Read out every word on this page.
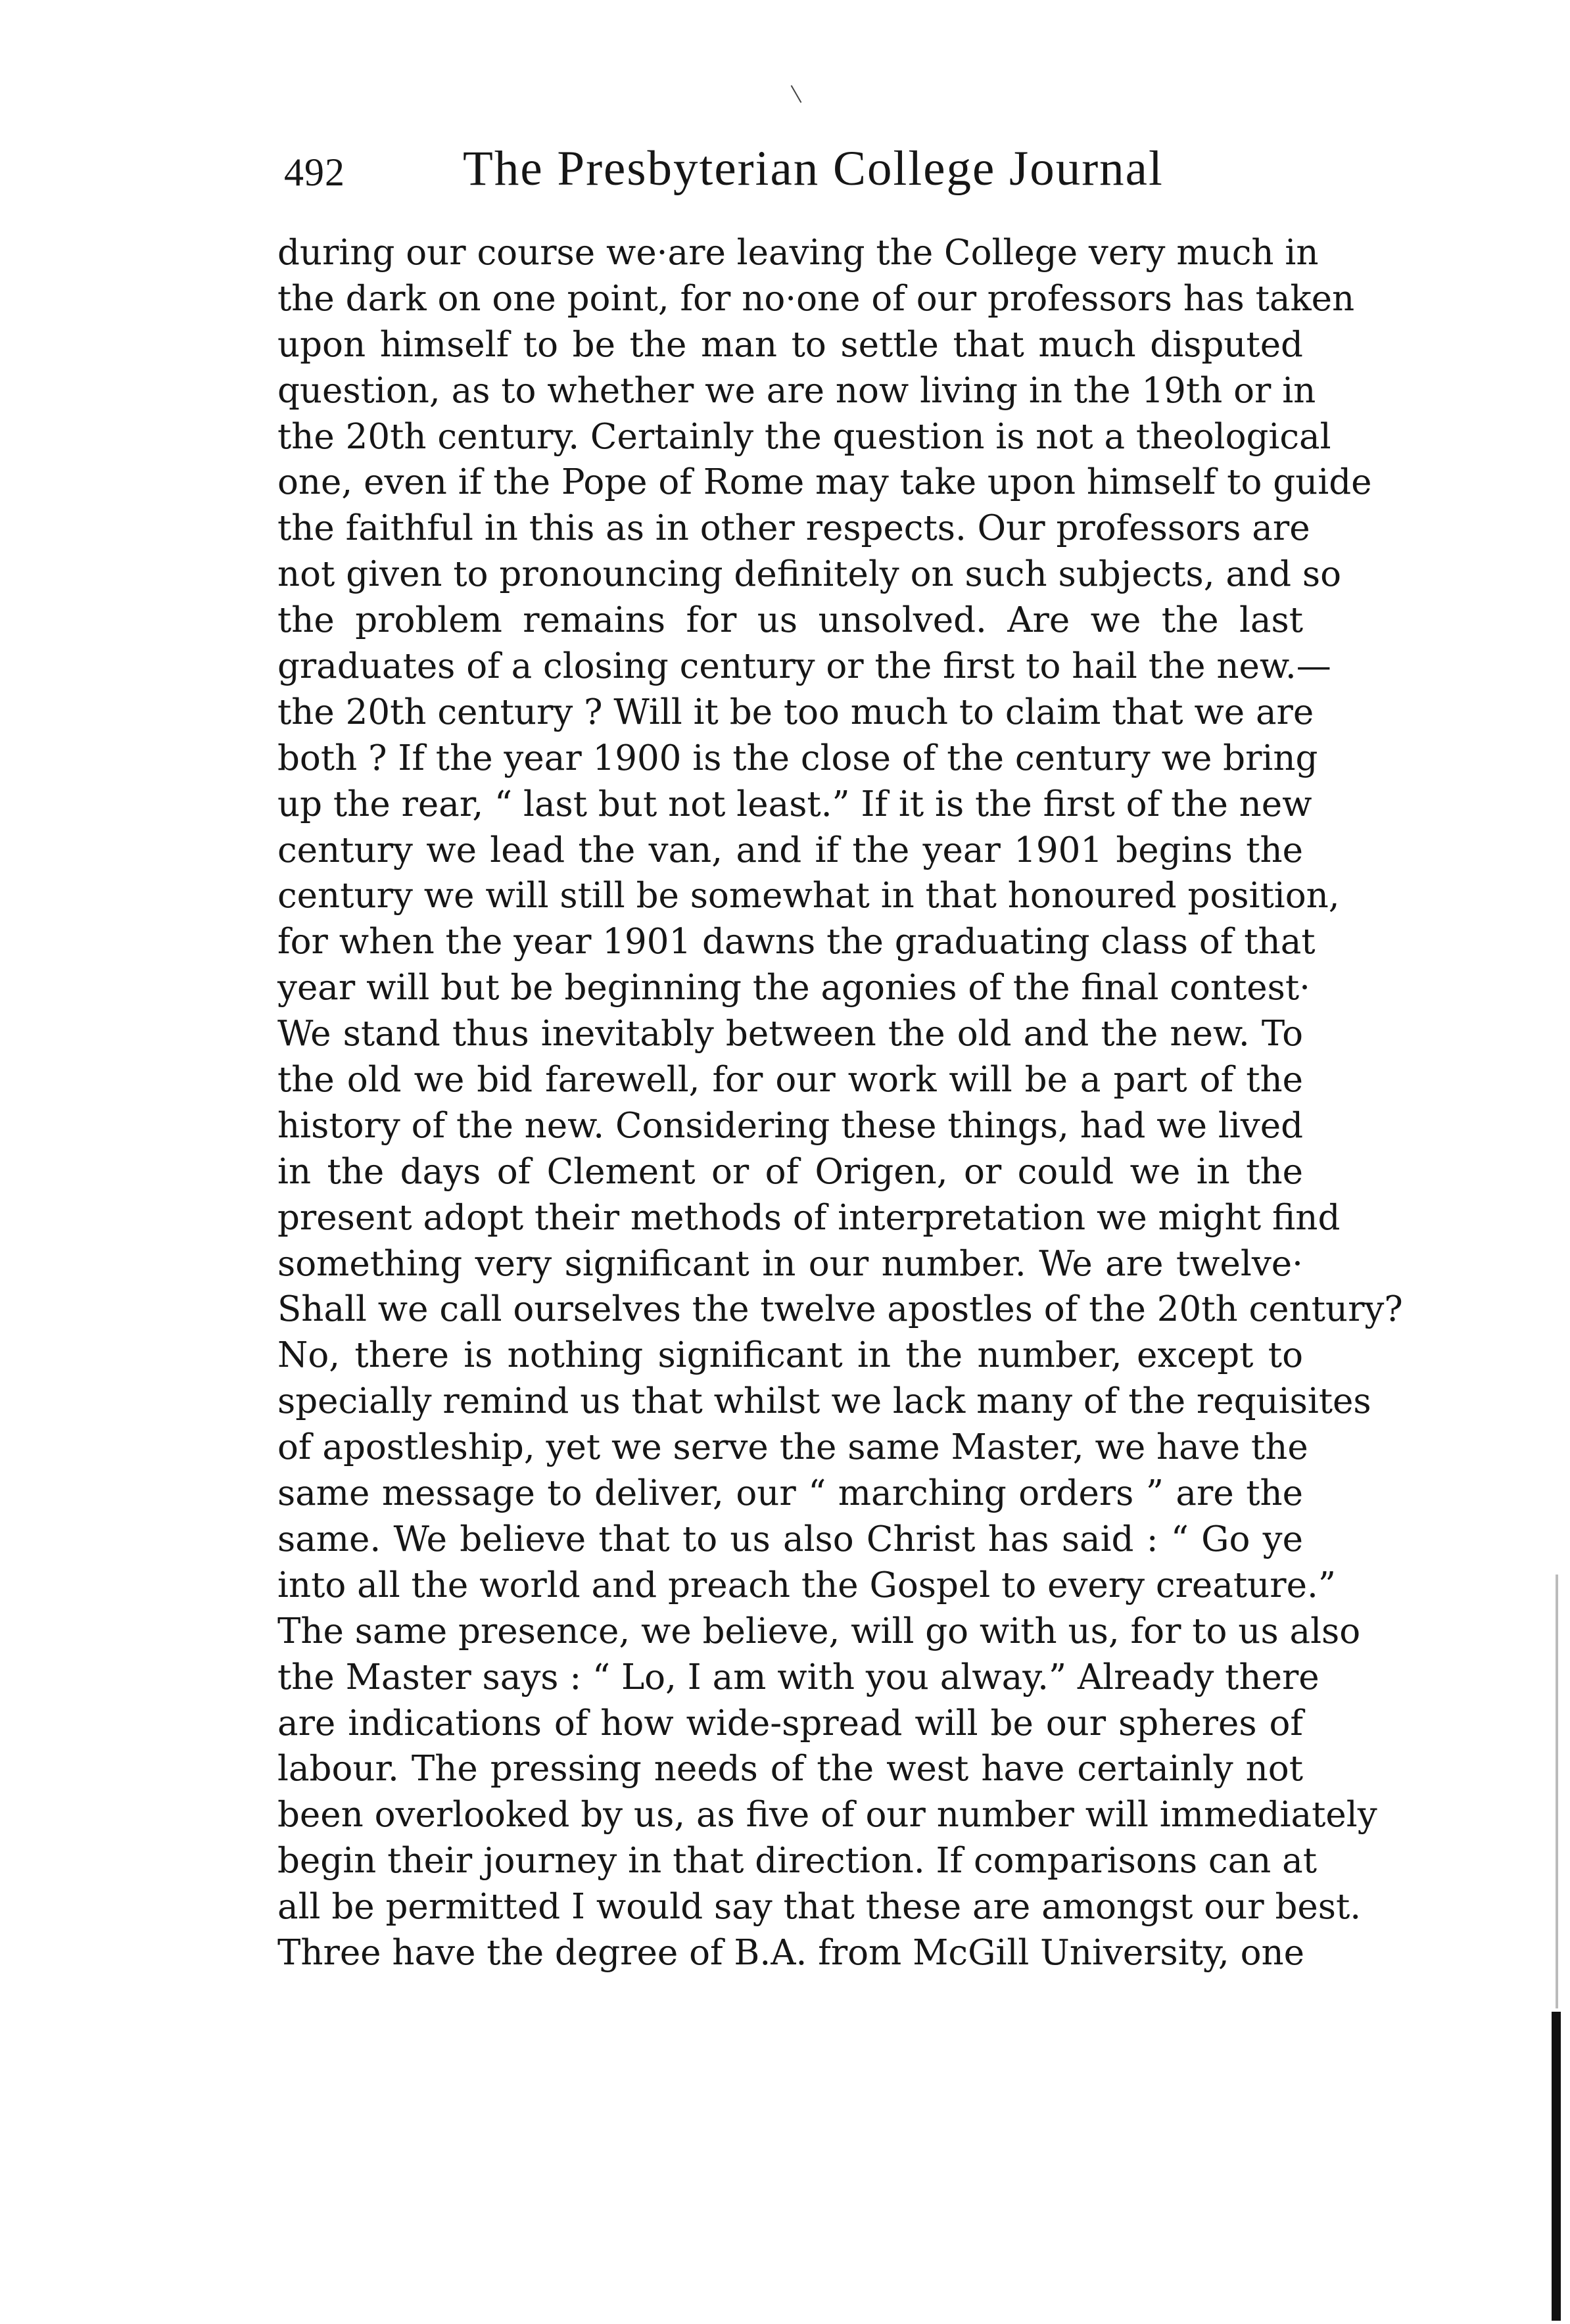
492 The Presbyterian College Journal
during our course we·are leaving the College very much in
the dark on one point, for no·one of our professors has taken
upon himself to be the man to settle that much disputed
question, as to whether we are now living in the 19th or in
the 20th century. Certainly the question is not a theological
one, even if the Pope of Rome may take upon himself to guide
the faithful in this as in other respects. Our professors are
not given to pronouncing definitely on such subjects, and so
the problem remains for us unsolved. Are we the last
graduates of a closing century or the first to hail the new.—
the 20th century ? Will it be too much to claim that we are
both ? If the year 1900 is the close of the century we bring
up the rear, “ last but not least.” If it is the first of the new
century we lead the van, and if the year 1901 begins the
century we will still be somewhat in that honoured position,
for when the year 1901 dawns the graduating class of that
year will but be beginning the agonies of the final contest·
We stand thus inevitably between the old and the new. To
the old we bid farewell, for our work will be a part of the
history of the new. Considering these things, had we lived
in the days of Clement or of Origen, or could we in the
present adopt their methods of interpretation we might find
something very significant in our number. We are twelve·
Shall we call ourselves the twelve apostles of the 20th century?
No, there is nothing significant in the number, except to
specially remind us that whilst we lack many of the requisites
of apostleship, yet we serve the same Master, we have the
same message to deliver, our “ marching orders ” are the
same. We believe that to us also Christ has said : “ Go ye
into all the world and preach the Gospel to every creature.”
The same presence, we believe, will go with us, for to us also
the Master says : “ Lo, I am with you alway.” Already there
are indications of how wide-spread will be our spheres of
labour. The pressing needs of the west have certainly not
been overlooked by us, as five of our number will immediately
begin their journey in that direction. If comparisons can at
all be permitted I would say that these are amongst our best.
Three have the degree of B.A. from McGill University, one
